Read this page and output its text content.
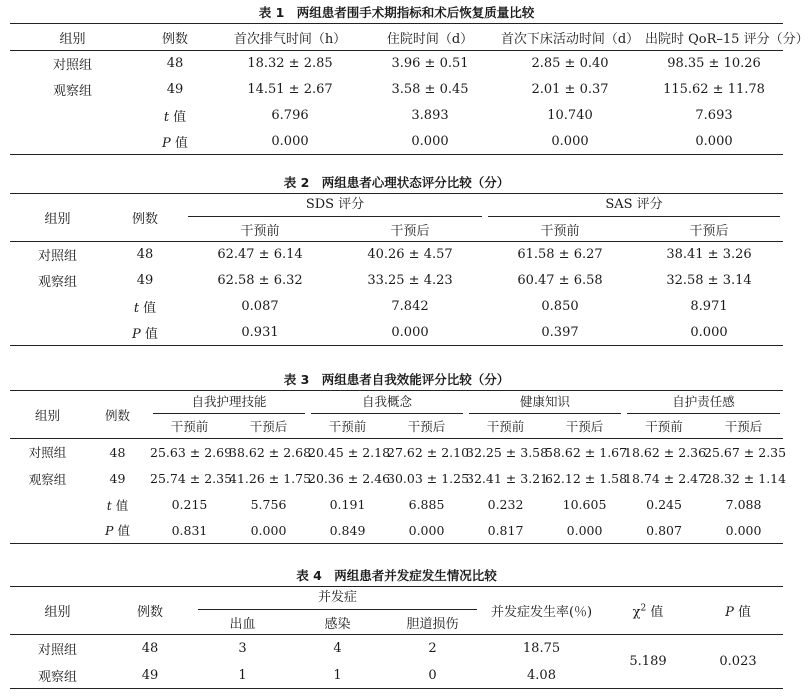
表 1　两组患者围手术期指标和术后恢复质量比较
组别	例数	首次排气时间（h）	住院时间（d）	首次下床活动时间（d）	出院时 QoR–15 评分（分）
对照组	48	18.32 ± 2.85	3.96 ± 0.51	2.85 ± 0.40	98.35 ± 10.26
观察组	49	14.51 ± 2.67	3.58 ± 0.45	2.01 ± 0.37	115.62 ± 11.78
	t 值	6.796	3.893	10.740	7.693
	P 值	0.000	0.000	0.000	0.000
表 2　两组患者心理状态评分比较（分）
组别	例数	SDS 评分		SAS 评分	

		干预前	干预后	干预前	干预后
对照组	48	62.47 ± 6.14	40.26 ± 4.57	61.58 ± 6.27	38.41 ± 3.26
观察组	49	62.58 ± 6.32	33.25 ± 4.23	60.47 ± 6.58	32.58 ± 3.14
	t 值	0.087	7.842	0.850	8.971
	P 值	0.931	0.000	0.397	0.000
表 3　两组患者自我效能评分比较（分）
组别	例数	自我护理技能		自我概念		健康知识		自护责任感	

		干预前	干预后	干预前	干预后	干预前	干预后	干预前	干预后
对照组	48	25.63 ± 2.69	38.62 ± 2.68	20.45 ± 2.18	27.62 ± 2.10	32.25 ± 3.58	58.62 ± 1.67	18.62 ± 2.36	25.67 ± 2.35
观察组	49	25.74 ± 2.35	41.26 ± 1.75	20.36 ± 2.46	30.03 ± 1.25	32.41 ± 3.21	62.12 ± 1.58	18.74 ± 2.47	28.32 ± 1.14
	t 值	0.215	5.756	0.191	6.885	0.232	10.605	0.245	7.088
	P 值	0.831	0.000	0.849	0.000	0.817	0.000	0.807	0.000
表 4　两组患者并发症发生情况比较
组别	例数	并发症			并发症发生率(％)	$\chi^2$ 值	P 值
		出血	感染	胆道损伤			
对照组	48	3	4	2	18.75	5.189	0.023
观察组	49	1	1	0	4.08		
